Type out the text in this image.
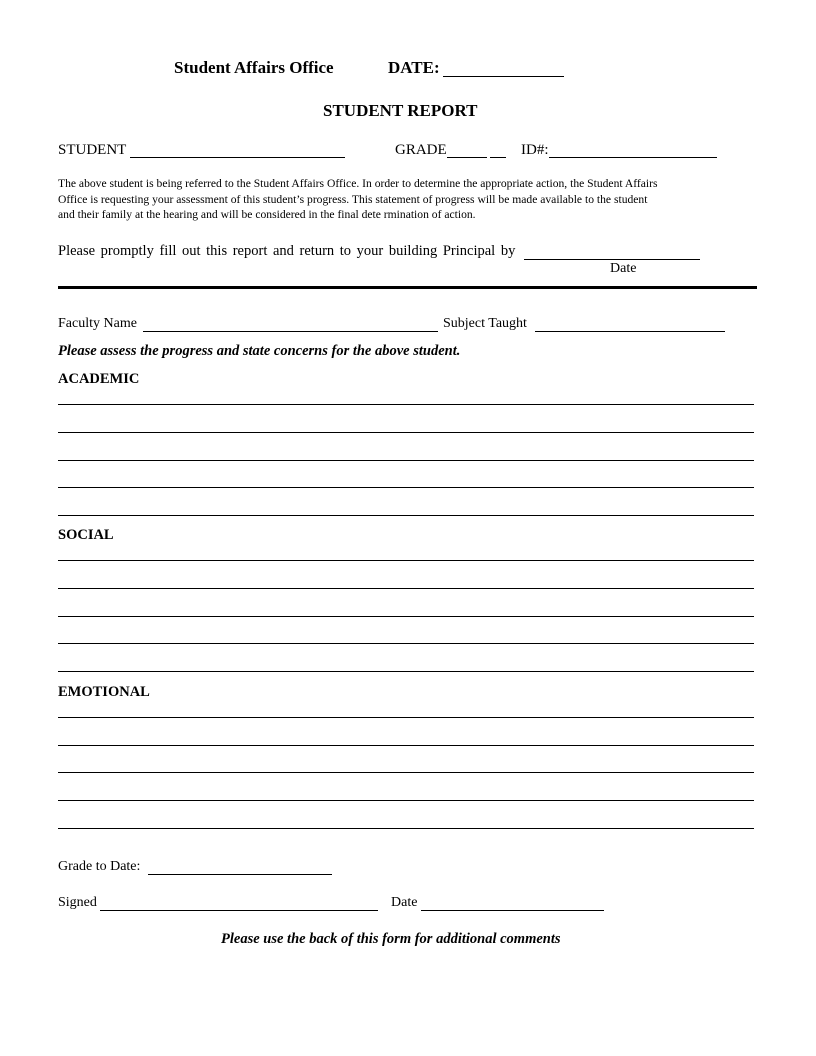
Student Affairs Office	DATE:
STUDENT REPORT
STUDENT	GRADE	ID#:
The above student is being referred to the Student Affairs Office. In order to determine the appropriate action, the Student Affairs
Office is requesting your assessment of this student’s progress. This statement of progress will be made available to the student
and their family at the hearing and will be considered in the final dete rmination of action.
Please promptly fill out this report and return to your building Principal by
Date
Faculty Name	Subject Taught
Please assess the progress and state concerns for the above student.
ACADEMIC
SOCIAL
EMOTIONAL
Grade to Date:
Signed	Date
Please use the back of this form for additional comments
